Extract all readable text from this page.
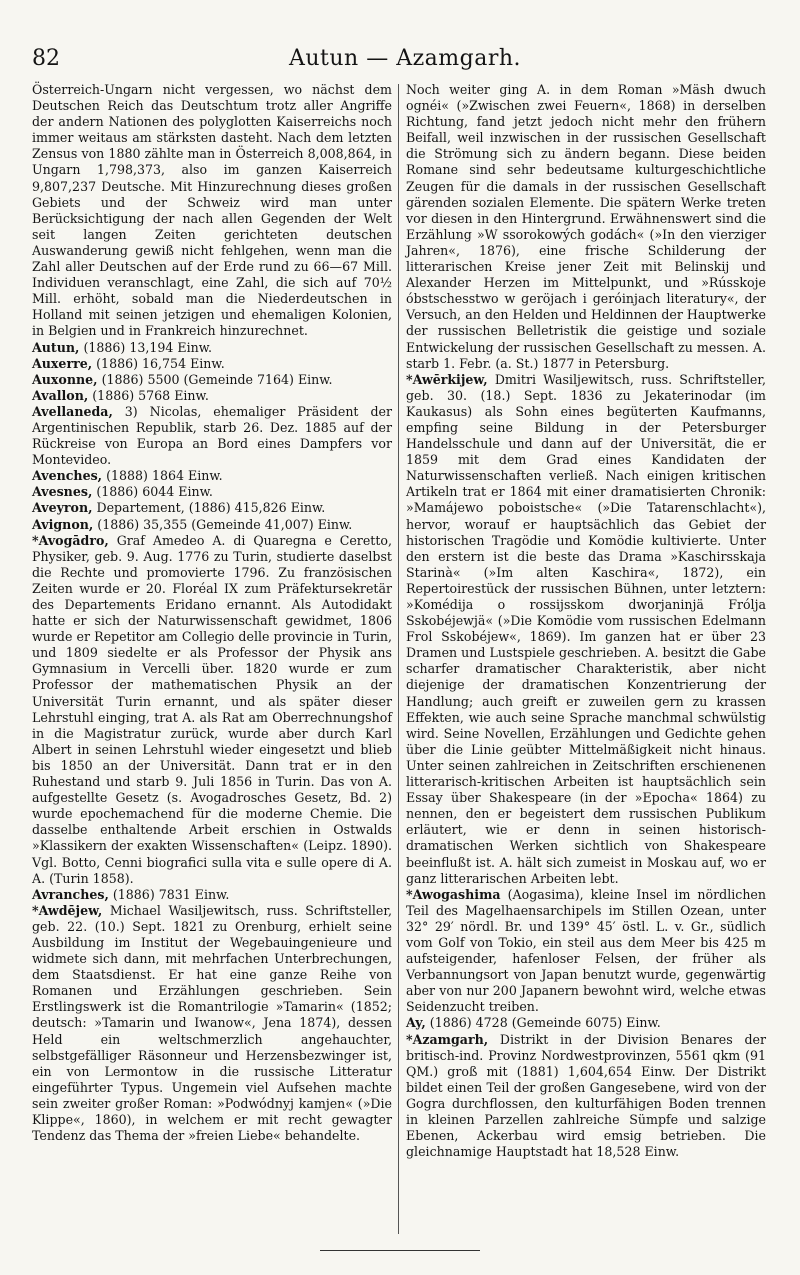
82	Autun — Azamgarh.

Österreich-Ungarn nicht vergessen, wo nächst dem Deutschen Reich das Deutschtum trotz aller Angriffe der andern Nationen des polyglotten Kaiserreichs noch immer weitaus am stärksten dasteht. Nach dem letzten Zensus von 1880 zählte man in Österreich 8,008,864, in Ungarn 1,798,373, also im ganzen Kaiserreich 9,807,237 Deutsche. Mit Hinzurechnung dieses großen Gebiets und der Schweiz wird man unter Berücksichtigung der nach allen Gegenden der Welt seit langen Zeiten gerichteten deutschen Auswanderung gewiß nicht fehlgehen, wenn man die Zahl aller Deutschen auf der Erde rund zu 66—67 Mill. Individuen veranschlagt, eine Zahl, die sich auf 70½ Mill. erhöht, sobald man die Niederdeutschen in Holland mit seinen jetzigen und ehemaligen Kolonien, in Belgien und in Frankreich hinzurechnet.

Autun, (1886) 13,194 Einw.

Auxerre, (1886) 16,754 Einw.

Auxonne, (1886) 5500 (Gemeinde 7164) Einw.

Avallon, (1886) 5768 Einw.

Avellaneda, 3) Nicolas, ehemaliger Präsident der Argentinischen Republik, starb 26. Dez. 1885 auf der Rückreise von Europa an Bord eines Dampfers vor Montevideo.

Avenches, (1888) 1864 Einw.

Avesnes, (1886) 6044 Einw.

Aveyron, Departement, (1886) 415,826 Einw.

Avignon, (1886) 35,355 (Gemeinde 41,007) Einw.

*Avogādro, Graf Amedeo A. di Quaregna e Ceretto, Physiker, geb. 9. Aug. 1776 zu Turin, studierte daselbst die Rechte und promovierte 1796. Zu französischen Zeiten wurde er 20. Floréal IX zum Präfektursekretär des Departements Eridano ernannt. Als Autodidakt hatte er sich der Naturwissenschaft gewidmet, 1806 wurde er Repetitor am Collegio delle provincie in Turin, und 1809 siedelte er als Professor der Physik ans Gymnasium in Vercelli über. 1820 wurde er zum Professor der mathematischen Physik an der Universität Turin ernannt, und als später dieser Lehrstuhl einging, trat A. als Rat am Oberrechnungshof in die Magistratur zurück, wurde aber durch Karl Albert in seinen Lehrstuhl wieder eingesetzt und blieb bis 1850 an der Universität. Dann trat er in den Ruhestand und starb 9. Juli 1856 in Turin. Das von A. aufgestellte Gesetz (s. Avogadrosches Gesetz, Bd. 2) wurde epochemachend für die moderne Chemie. Die dasselbe enthaltende Arbeit erschien in Ostwalds »Klassikern der exakten Wissenschaften« (Leipz. 1890). Vgl. Botto, Cenni biografici sulla vita e sulle opere di A. A. (Turin 1858).

Avranches, (1886) 7831 Einw.

*Awdējew, Michael Wasiljewitsch, russ. Schriftsteller, geb. 22. (10.) Sept. 1821 zu Orenburg, erhielt seine Ausbildung im Institut der Wegebauingenieure und widmete sich dann, mit mehrfachen Unterbrechungen, dem Staatsdienst. Er hat eine ganze Reihe von Romanen und Erzählungen geschrieben. Sein Erstlingswerk ist die Romantrilogie »Tamarin« (1852; deutsch: »Tamarin und Iwanow«, Jena 1874), dessen Held ein weltschmerzlich angehauchter, selbstgefälliger Räsonneur und Herzensbezwinger ist, ein von Lermontow in die russische Litteratur eingeführter Typus. Ungemein viel Aufsehen machte sein zweiter großer Roman: »Podwódnyj kamjen« (»Die Klippe«, 1860), in welchem er mit recht gewagter Tendenz das Thema der »freien Liebe« behandelte.

Noch weiter ging A. in dem Roman »Mäsh dwuch ognéi« (»Zwischen zwei Feuern«, 1868) in derselben Richtung, fand jetzt jedoch nicht mehr den frühern Beifall, weil inzwischen in der russischen Gesellschaft die Strömung sich zu ändern begann. Diese beiden Romane sind sehr bedeutsame kulturgeschichtliche Zeugen für die damals in der russischen Gesellschaft gärenden sozialen Elemente. Die spätern Werke treten vor diesen in den Hintergrund. Erwähnenswert sind die Erzählung »W ssorokowých godách« (»In den vierziger Jahren«, 1876), eine frische Schilderung der litterarischen Kreise jener Zeit mit Belinskij und Alexander Herzen im Mittelpunkt, und »Rússkoje óbstschesstwo w geröjach i geróinjach literatury«, der Versuch, an den Helden und Heldinnen der Hauptwerke der russischen Belletristik die geistige und soziale Entwickelung der russischen Gesellschaft zu messen. A. starb 1. Febr. (a. St.) 1877 in Petersburg.

*Awērkijew, Dmitri Wasiljewitsch, russ. Schriftsteller, geb. 30. (18.) Sept. 1836 zu Jekaterinodar (im Kaukasus) als Sohn eines begüterten Kaufmanns, empfing seine Bildung in der Petersburger Handelsschule und dann auf der Universität, die er 1859 mit dem Grad eines Kandidaten der Naturwissenschaften verließ. Nach einigen kritischen Artikeln trat er 1864 mit einer dramatisierten Chronik: »Mamájewo poboistsche« (»Die Tatarenschlacht«), hervor, worauf er hauptsächlich das Gebiet der historischen Tragödie und Komödie kultivierte. Unter den erstern ist die beste das Drama »Kaschirsskaja Starinà« (»Im alten Kaschira«, 1872), ein Repertoirestück der russischen Bühnen, unter letztern: »Komédija o rossijsskom dworjaninjä Frólja Sskobéjewjä« (»Die Komödie vom russischen Edelmann Frol Sskobéjew«, 1869). Im ganzen hat er über 23 Dramen und Lustspiele geschrieben. A. besitzt die Gabe scharfer dramatischer Charakteristik, aber nicht diejenige der dramatischen Konzentrierung der Handlung; auch greift er zuweilen gern zu krassen Effekten, wie auch seine Sprache manchmal schwülstig wird. Seine Novellen, Erzählungen und Gedichte gehen über die Linie geübter Mittelmäßigkeit nicht hinaus. Unter seinen zahlreichen in Zeitschriften erschienenen litterarisch-kritischen Arbeiten ist hauptsächlich sein Essay über Shakespeare (in der »Epocha« 1864) zu nennen, den er begeistert dem russischen Publikum erläutert, wie er denn in seinen historisch-dramatischen Werken sichtlich von Shakespeare beeinflußt ist. A. hält sich zumeist in Moskau auf, wo er ganz litterarischen Arbeiten lebt.

*Awogashima (Aogasima), kleine Insel im nördlichen Teil des Magelhaensarchipels im Stillen Ozean, unter 32° 29′ nördl. Br. und 139° 45′ östl. L. v. Gr., südlich vom Golf von Tokio, ein steil aus dem Meer bis 425 m aufsteigender, hafenloser Felsen, der früher als Verbannungsort von Japan benutzt wurde, gegenwärtig aber von nur 200 Japanern bewohnt wird, welche etwas Seidenzucht treiben.

Ay, (1886) 4728 (Gemeinde 6075) Einw.

*Azamgarh, Distrikt in der Division Benares der britisch-ind. Provinz Nordwestprovinzen, 5561 qkm (91 QM.) groß mit (1881) 1,604,654 Einw. Der Distrikt bildet einen Teil der großen Gangesebene, wird von der Gogra durchflossen, den kulturfähigen Boden trennen in kleinen Parzellen zahlreiche Sümpfe und salzige Ebenen, Ackerbau wird emsig betrieben. Die gleichnamige Hauptstadt hat 18,528 Einw.
